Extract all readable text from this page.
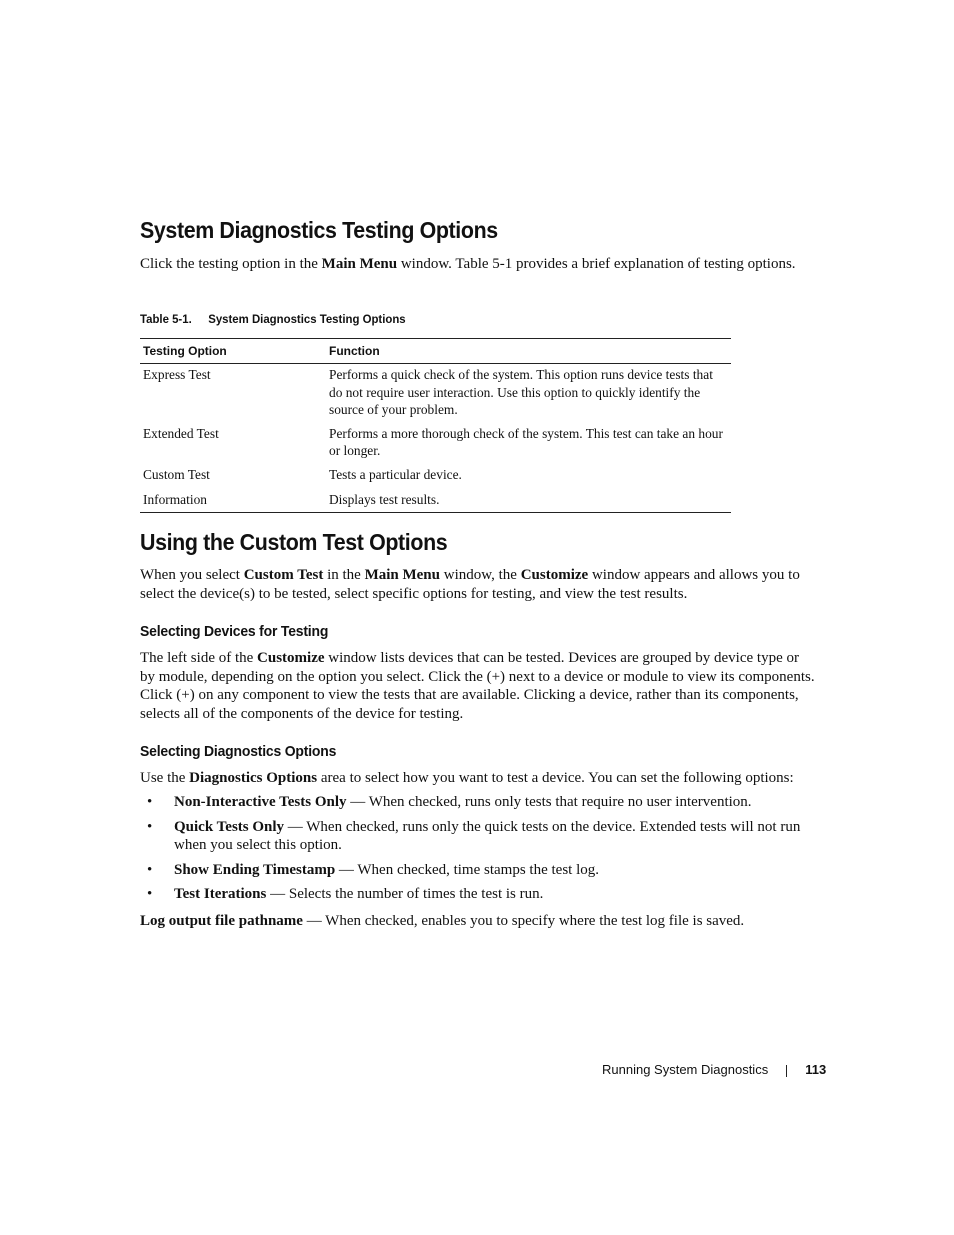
System Diagnostics Testing Options

Click the testing option in the Main Menu window. Table 5-1 provides a brief explanation of testing options.

Table 5-1. System Diagnostics Testing Options
Testing Option	Function
Express Test	Performs a quick check of the system. This option runs device tests that do not require user interaction. Use this option to quickly identify the source of your problem.
Extended Test	Performs a more thorough check of the system. This test can take an hour or longer.
Custom Test	Tests a particular device.
Information	Displays test results.
Using the Custom Test Options

When you select Custom Test in the Main Menu window, the Customize window appears and allows you to select the device(s) to be tested, select specific options for testing, and view the test results.

Selecting Devices for Testing

The left side of the Customize window lists devices that can be tested. Devices are grouped by device type or by module, depending on the option you select. Click the (+) next to a device or module to view its components. Click (+) on any component to view the tests that are available. Clicking a device, rather than its components, selects all of the components of the device for testing.

Selecting Diagnostics Options

Use the Diagnostics Options area to select how you want to test a device. You can set the following options:

• Non-Interactive Tests Only — When checked, runs only tests that require no user intervention.
• Quick Tests Only — When checked, runs only the quick tests on the device. Extended tests will not run when you select this option.
• Show Ending Timestamp — When checked, time stamps the test log.
• Test Iterations — Selects the number of times the test is run.

Log output file pathname — When checked, enables you to specify where the test log file is saved.

Running System Diagnostics	113
